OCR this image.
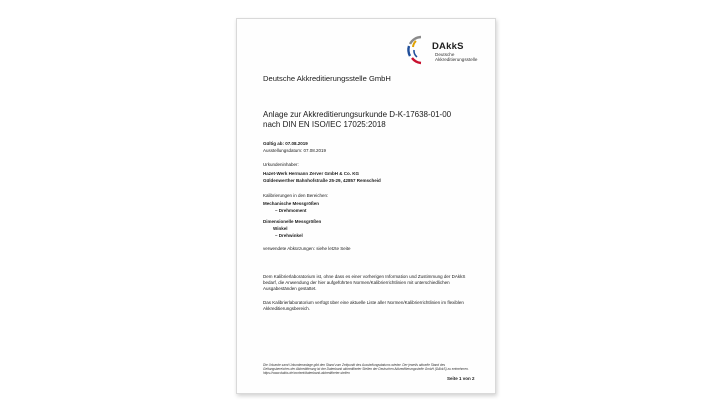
DAkkS
Deutsche
Akkreditierungsstelle
Deutsche Akkreditierungsstelle GmbH
Anlage zur Akkreditierungsurkunde D-K-17638-01-00
nach DIN EN ISO/IEC 17025:2018
Gültig ab: 07.08.2019
Ausstellungsdatum: 07.08.2019
Urkundeninhaber:
Hazet-Werk Hermann Zerver GmbH & Co. KG
Güldenwerther Bahnhofstraße 25-29, 42857 Remscheid
Kalibrierungen in den Bereichen:
Mechanische Messgrößen
– Drehmoment
Dimensionelle Messgrößen
Winkel
– Drehwinkel
verwendete Abkürzungen: siehe letzte Seite
Dem Kalibrierlaboratorium ist, ohne dass es einer vorherigen Information und Zustimmung der DAkkS bedarf, die Anwendung der hier aufgeführten Normen/Kalibrierrichtlinien mit unterschiedlichen Ausgabeständen gestattet.
Das Kalibrierlaboratorium verfügt über eine aktuelle Liste aller Normen/Kalibrierrichtlinien im flexiblen Akkreditierungsbereich.
Die Urkunde samt Urkundenanlage gibt den Stand zum Zeitpunkt des Ausstellungsdatums wieder. Der jeweils aktuelle Stand des Geltungsbereiches der Akkreditierung ist der Datenbank akkreditierter Stellen der Deutschen Akkreditierungsstelle GmbH (DAkkS) zu entnehmen. https://www.dakks.de/content/datenbank-akkreditierter-stellen
Seite 1 von 2
